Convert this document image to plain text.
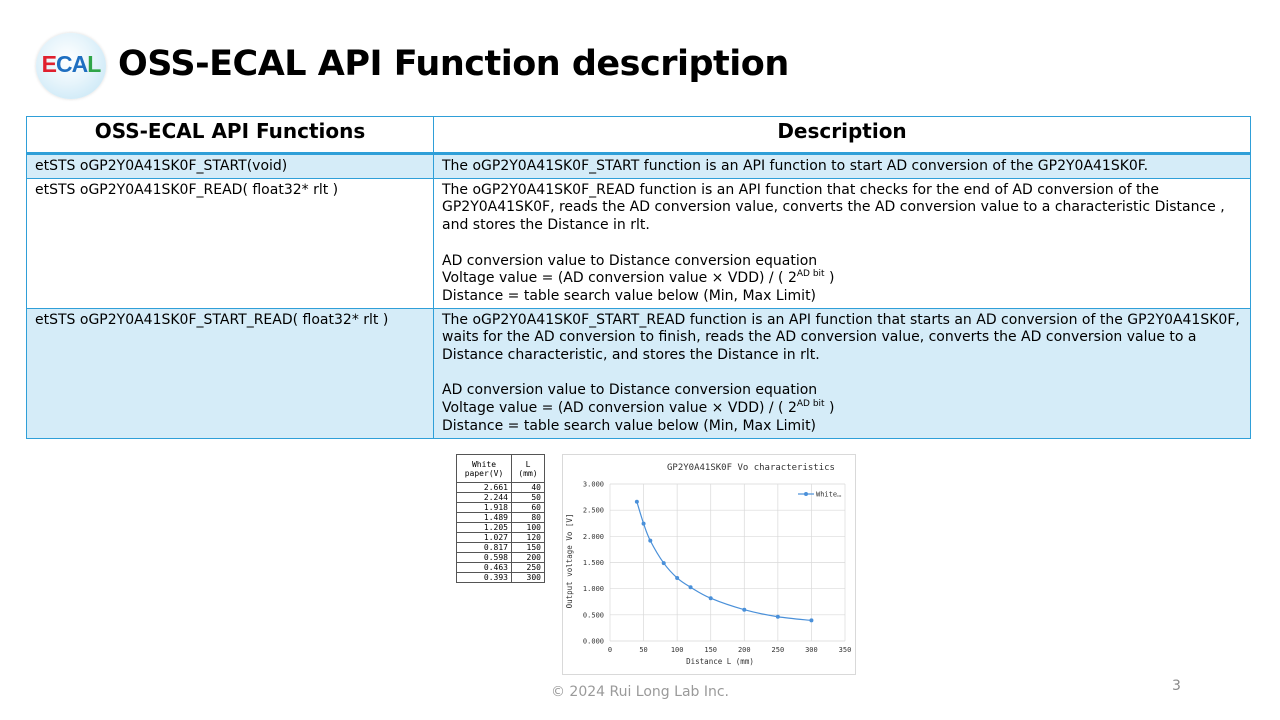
ECAL OSS-ECAL API Function description
OSS-ECAL API Functions	Description
etSTS oGP2Y0A41SK0F_START(void)	The oGP2Y0A41SK0F_START function is an API function to start AD conversion of the GP2Y0A41SK0F.
etSTS oGP2Y0A41SK0F_READ( float32* rlt )	The oGP2Y0A41SK0F_READ function is an API function that checks for the end of AD conversion of the GP2Y0A41SK0F, reads the AD conversion value, converts the AD conversion value to a characteristic Distance , and stores the Distance in rlt.
AD conversion value to Distance conversion equation
Voltage value = (AD conversion value × VDD) / ( $2^{AD bit}$ )
Distance = table search value below (Min, Max Limit)

etSTS oGP2Y0A41SK0F_START_READ( float32* rlt )	The oGP2Y0A41SK0F_START_READ function is an API function that starts an AD conversion of the GP2Y0A41SK0F, waits for the AD conversion to finish, reads the AD conversion value, converts the AD conversion value to a Distance characteristic, and stores the Distance in rlt.
AD conversion value to Distance conversion equation
Voltage value = (AD conversion value × VDD) / ( $2^{AD bit}$ )
Distance = table search value below (Min, Max Limit)
White
paper(V)	L
(mm)
2.661	40
2.244	50
1.918	60
1.489	80
1.205	100
1.027	120
0.817	150
0.598	200
0.463	250
0.393	300
GP2Y0A41SK0F Vo characteristics
0.000
0.500
1.000
1.500
2.000
2.500
3.000
0	50	100	150	200	250	300	350
White…
Distance L (mm)
Output voltage Vo [V]
© 2024 Rui Long Lab Inc.	3
